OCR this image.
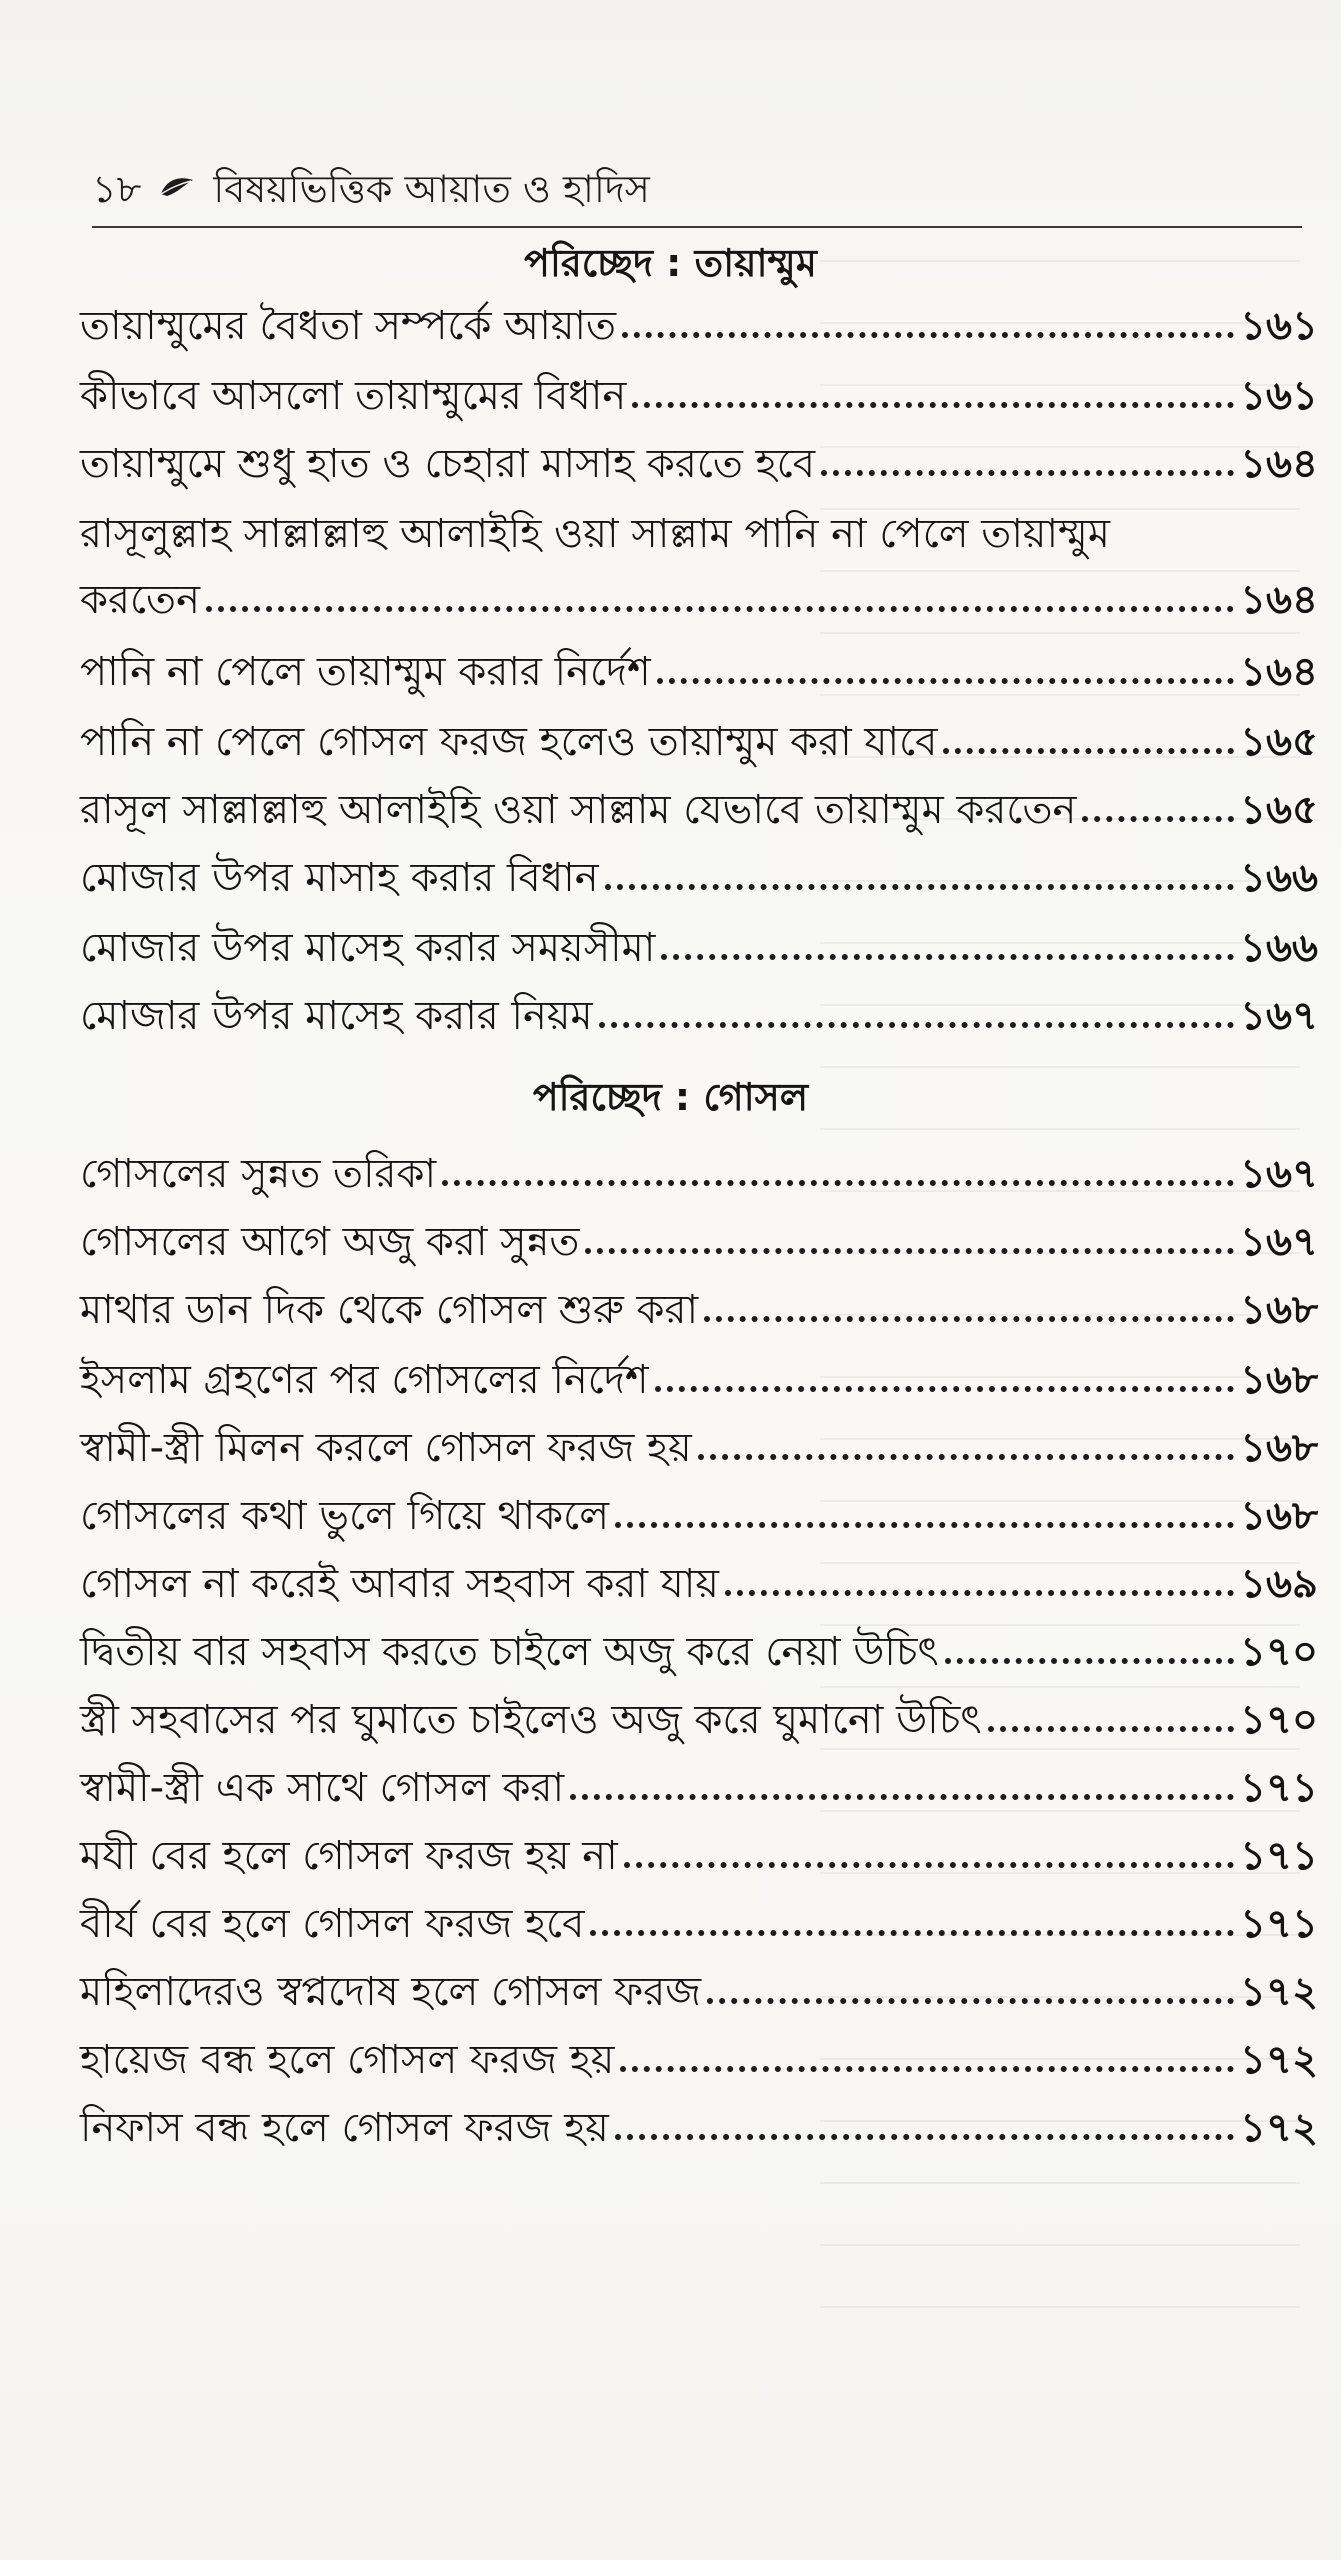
১৮ বিষয়ভিত্তিক আয়াত ও হাদিস
পরিচ্ছেদ : তায়াম্মুম
তায়াম্মুমের বৈধতা সম্পর্কে আয়াত	১৬১
কীভাবে আসলো তায়াম্মুমের বিধান	১৬১
তায়াম্মুমে শুধু হাত ও চেহারা মাসাহ করতে হবে	১৬৪
রাসূলুল্লাহ সাল্লাল্লাহু আলাইহি ওয়া সাল্লাম পানি না পেলে তায়াম্মুম
করতেন	১৬৪
পানি না পেলে তায়াম্মুম করার নির্দেশ	১৬৪
পানি না পেলে গোসল ফরজ হলেও তায়াম্মুম করা যাবে	১৬৫
রাসূল সাল্লাল্লাহু আলাইহি ওয়া সাল্লাম যেভাবে তায়াম্মুম করতেন	১৬৫
মোজার উপর মাসাহ করার বিধান	১৬৬
মোজার উপর মাসেহ করার সময়সীমা	১৬৬
মোজার উপর মাসেহ করার নিয়ম	১৬৭
পরিচ্ছেদ : গোসল
গোসলের সুন্নত তরিকা	১৬৭
গোসলের আগে অজু করা সুন্নত	১৬৭
মাথার ডান দিক থেকে গোসল শুরু করা	১৬৮
ইসলাম গ্রহণের পর গোসলের নির্দেশ	১৬৮
স্বামী-স্ত্রী মিলন করলে গোসল ফরজ হয়	১৬৮
গোসলের কথা ভুলে গিয়ে থাকলে	১৬৮
গোসল না করেই আবার সহবাস করা যায়	১৬৯
দ্বিতীয় বার সহবাস করতে চাইলে অজু করে নেয়া উচিৎ	১৭০
স্ত্রী সহবাসের পর ঘুমাতে চাইলেও অজু করে ঘুমানো উচিৎ	১৭০
স্বামী-স্ত্রী এক সাথে গোসল করা	১৭১
মযী বের হলে গোসল ফরজ হয় না	১৭১
বীর্য বের হলে গোসল ফরজ হবে	১৭১
মহিলাদেরও স্বপ্নদোষ হলে গোসল ফরজ	১৭২
হায়েজ বন্ধ হলে গোসল ফরজ হয়	১৭২
নিফাস বন্ধ হলে গোসল ফরজ হয়	১৭২
